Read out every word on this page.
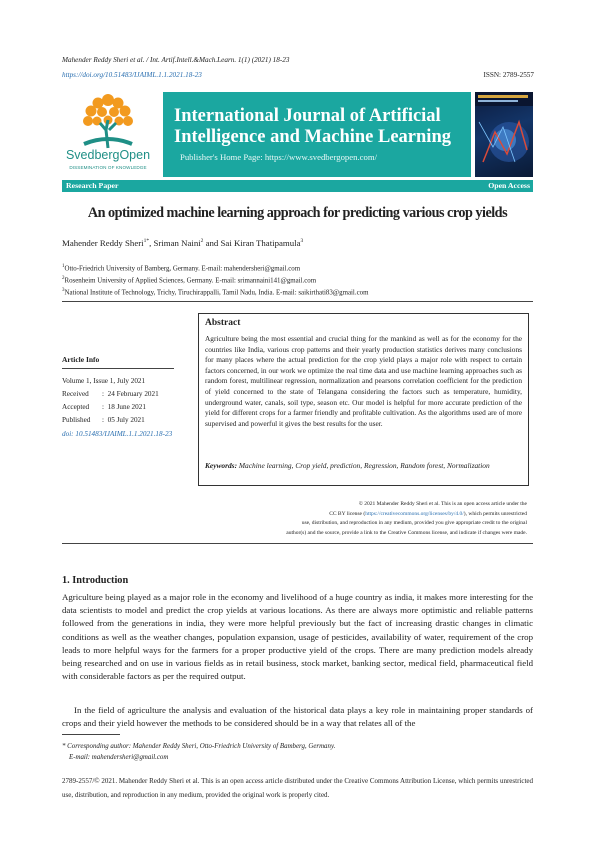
Mahender Reddy Sheri et al. / Int. Artif.Intell.&Mach.Learn. 1(1) (2021) 18-23
https://doi.org/10.51483/IJAIML.1.1.2021.18-23	ISSN: 2789-2557
SvedbergOpen
DISSEMINATION OF KNOWLEDGE
International Journal of Artificial
Intelligence and Machine Learning
Publisher's Home Page: https://www.svedbergopen.com/
Research Paper	Open Access
An optimized machine learning approach for predicting various crop yields
Mahender Reddy Sheri$^{1*}$, Sriman Naini$^2$ and Sai Kiran Thatipamula$^3$
$^1$Otto-Friedrich University of Bamberg, Germany. E-mail: mahendersheri@gmail.com
$^2$Rosenheim University of Applied Sciences, Germany. E-mail: srimannaini141@gmail.com
$^3$National Institute of Technology, Trichy, Tiruchirappalli, Tamil Nadu, India. E-mail: saikirthati83@gmail.com
Article Info
Volume 1, Issue 1, July 2021
Received :  24 February 2021
Accepted :  18 June 2021
Published :  05 July 2021
doi: 10.51483/IJAIML.1.1.2021.18-23
Abstract
Agriculture being the most essential and crucial thing for the mankind as well as for the economy for the countries like India, various crop patterns and their yearly production statistics derives many conclusions for many places where the actual prediction for the crop yield plays a major role with respect to certain factors concerned, in our work we optimize the real time data and use machine learning approaches such as random forest, multilinear regression, normalization and pearsons correlation coefficient for the prediction of yield concerned to the state of Telangana considering the factors such as temperature, humidity, underground water, canals, soil type, season etc. Our model is helpful for more accurate prediction of the yield for different crops for a farmer friendly and profitable cultivation. As the algorithms used are of more supervised and powerful it gives the best results for the user.
Keywords: Machine learning, Crop yield, prediction, Regression, Random forest, Normalization
© 2021 Mahender Reddy Sheri et al. This is an open access article under the
CC BY license (https://creativecommons.org/licenses/by/4.0/), which permits unrestricted
use, distribution, and reproduction in any medium, provided you give appropriate credit to the original
author(s) and the source, provide a link to the Creative Commons license, and indicate if changes were made.
1. Introduction
Agriculture being played as a major role in the economy and livelihood of a huge country as india, it makes more interesting for the data scientists to model and predict the crop yields at various locations. As there are always more optimistic and reliable patterns followed from the generations in india, they were more helpful previously but the fact of increasing drastic changes in climatic conditions as well as the weather changes, population expansion, usage of pesticides, availability of water, requirement of the crop leads to more helpful ways for the farmers for a proper productive yield of the crops. There are many prediction models already being researched and on use in various fields as in retail business, stock market, banking sector, medical field, pharmaceutical field with considerable factors as per the required output.
In the field of agriculture the analysis and evaluation of the historical data plays a key role in maintaining proper standards of crops and their yield however the methods to be considered should be in a way that relates all of the
* Corresponding author: Mahender Reddy Sheri, Otto-Friedrich University of Bamberg, Germany.
E-mail: mahendersheri@gmail.com
2789-2557/© 2021. Mahender Reddy Sheri et al. This is an open access article distributed under the Creative Commons Attribution License, which permits unrestricted use, distribution, and reproduction in any medium, provided the original work is properly cited.
